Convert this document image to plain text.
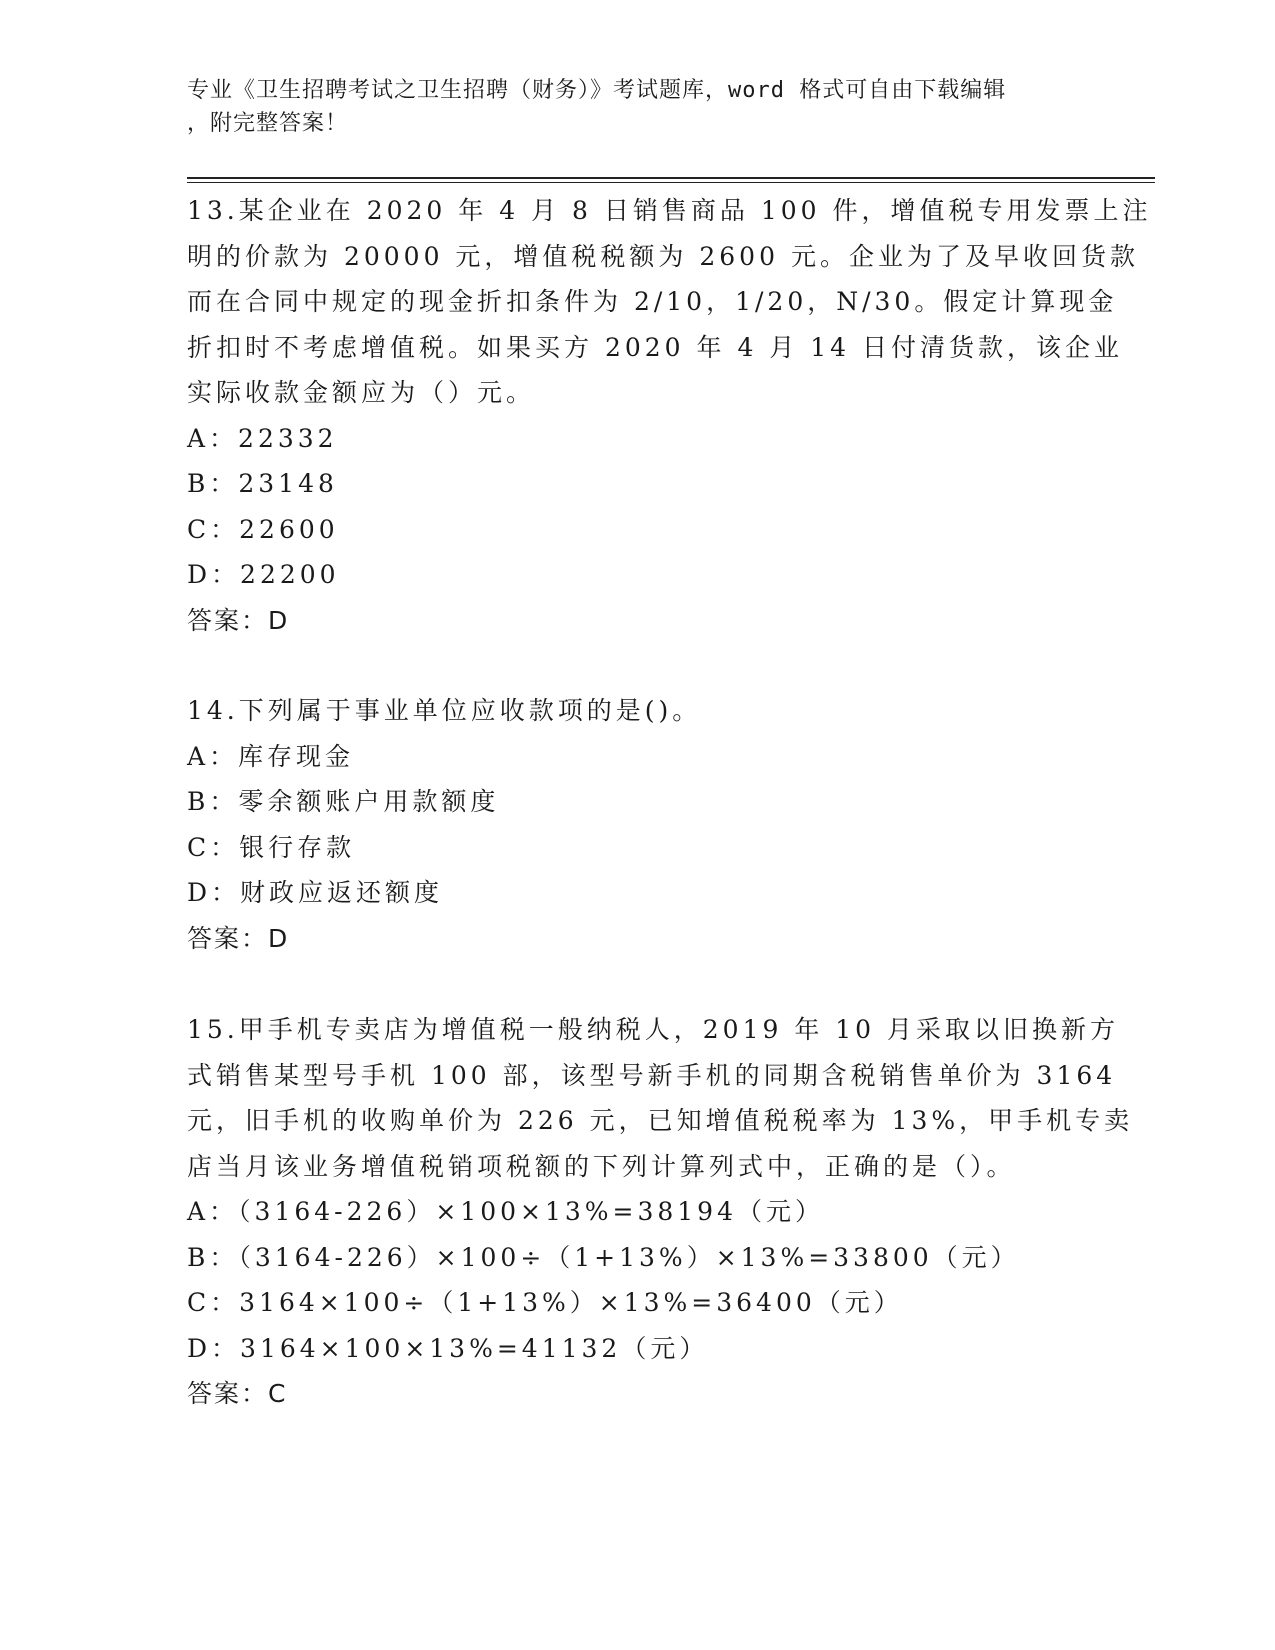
专业《卫生招聘考试之卫生招聘（财务）》考试题库，word 格式可自由下载编辑
，附完整答案！
13.某企业在 2020 年 4 月 8 日销售商品 100 件，增值税专用发票上注
明的价款为 20000 元，增值税税额为 2600 元。企业为了及早收回货款
而在合同中规定的现金折扣条件为 2/10，1/20，N/30。假定计算现金
折扣时不考虑增值税。如果买方 2020 年 4 月 14 日付清货款，该企业
实际收款金额应为（）元。
A：22332
B：23148
C：22600
D：22200
答案：D
14.下列属于事业单位应收款项的是()。
A：库存现金
B：零余额账户用款额度
C：银行存款
D：财政应返还额度
答案：D
15.甲手机专卖店为增值税一般纳税人，2019 年 10 月采取以旧换新方
式销售某型号手机 100 部，该型号新手机的同期含税销售单价为 3164
元，旧手机的收购单价为 226 元，已知增值税税率为 13%，甲手机专卖
店当月该业务增值税销项税额的下列计算列式中，正确的是（）。
A：（3164-226）×100×13%=38194（元）
B：（3164-226）×100÷（1+13%）×13%=33800（元）
C：3164×100÷（1+13%）×13%=36400（元）
D：3164×100×13%=41132（元）
答案：C
